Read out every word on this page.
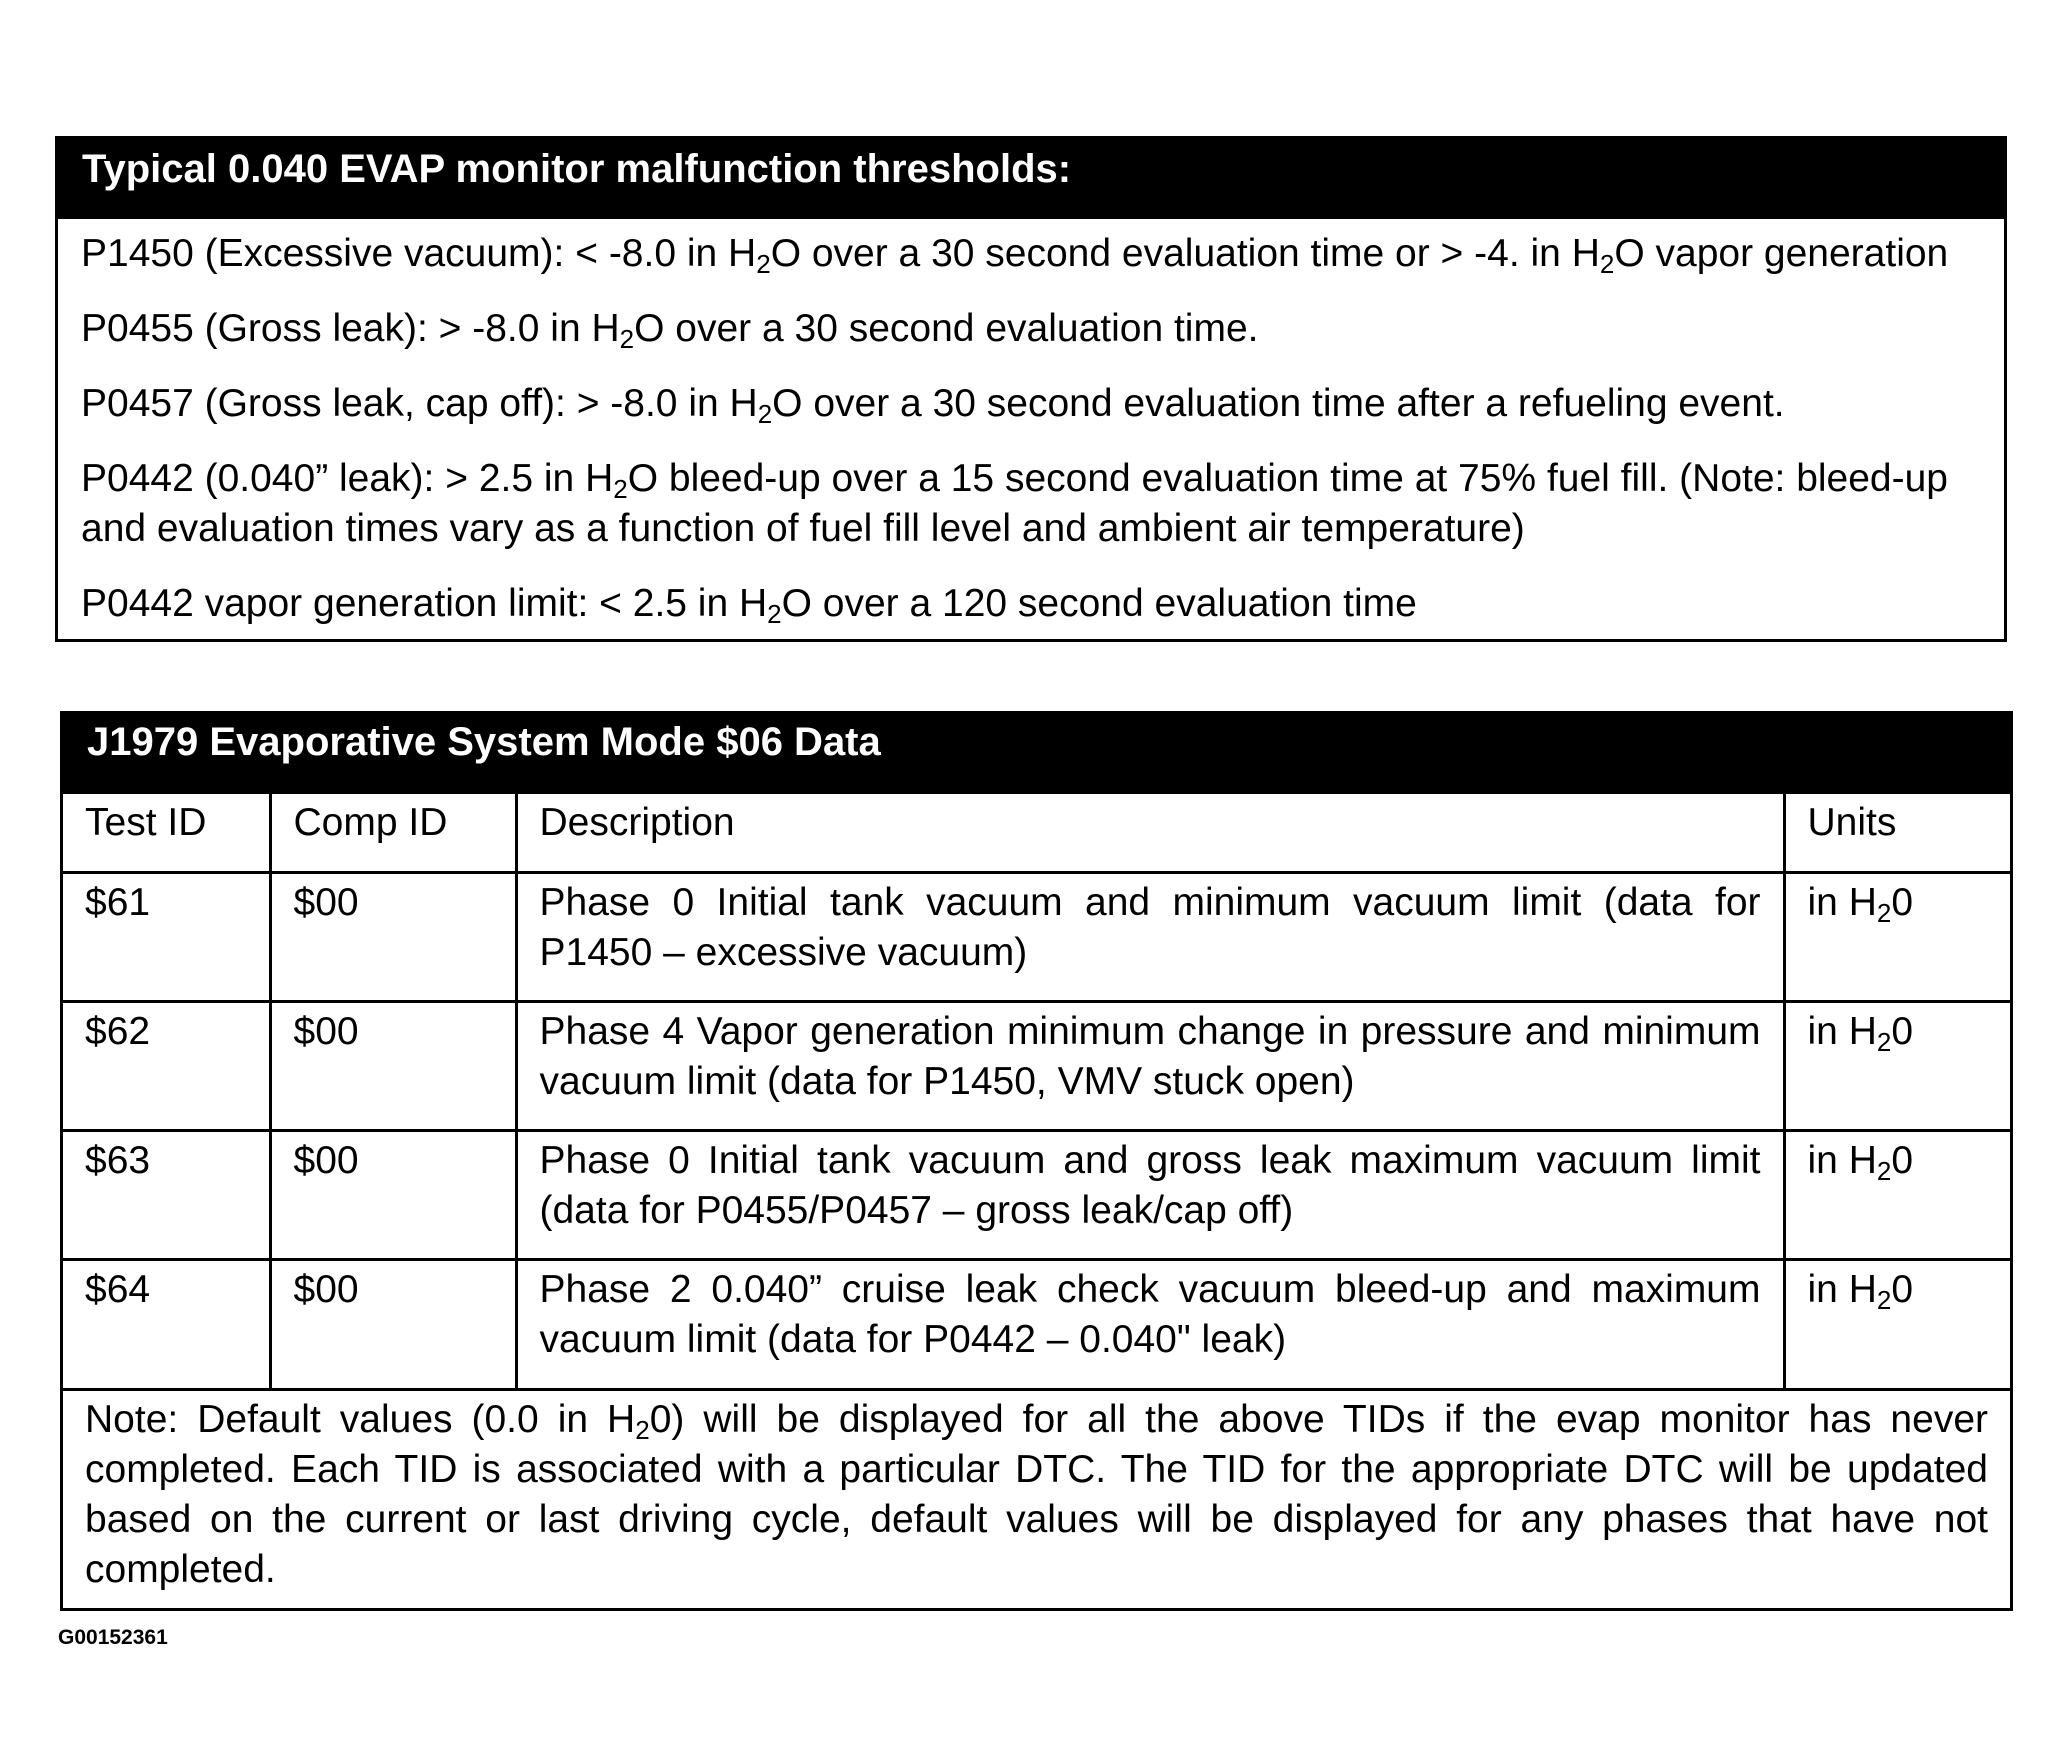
Typical 0.040 EVAP monitor malfunction thresholds:

P1450 (Excessive vacuum): < -8.0 in $H_2O$ over a 30 second evaluation time or > -4. in $H_2O$ vapor generation

P0455 (Gross leak): > -8.0 in $H_2O$ over a 30 second evaluation time.

P0457 (Gross leak, cap off): > -8.0 in $H_2O$ over a 30 second evaluation time after a refueling event.

P0442 (0.040” leak): > 2.5 in $H_2O$ bleed-up over a 15 second evaluation time at 75% fuel fill. (Note: bleed-up and evaluation times vary as a function of fuel fill level and ambient air temperature)

P0442 vapor generation limit: < 2.5 in $H_2O$ over a 120 second evaluation time

J1979 Evaporative System Mode $06 Data
Test ID	Comp ID	Description	Units
$61	$00	Phase 0 Initial tank vacuum and minimum vacuum limit (data for P1450 – excessive vacuum)	in $H_20$
$62	$00	Phase 4 Vapor generation minimum change in pressure and minimum vacuum limit (data for P1450, VMV stuck open)	in $H_20$
$63	$00	Phase 0 Initial tank vacuum and gross leak maximum vacuum limit (data for P0455/P0457 – gross leak/cap off)	in $H_20$
$64	$00	Phase 2 0.040” cruise leak check vacuum bleed-up and maximum vacuum limit (data for P0442 – 0.040" leak)	in $H_20$
Note: Default values (0.0 in $H_20$) will be displayed for all the above TIDs if the evap monitor has never completed. Each TID is associated with a particular DTC. The TID for the appropriate DTC will be updated based on the current or last driving cycle, default values will be displayed for any phases that have not completed.
G00152361
